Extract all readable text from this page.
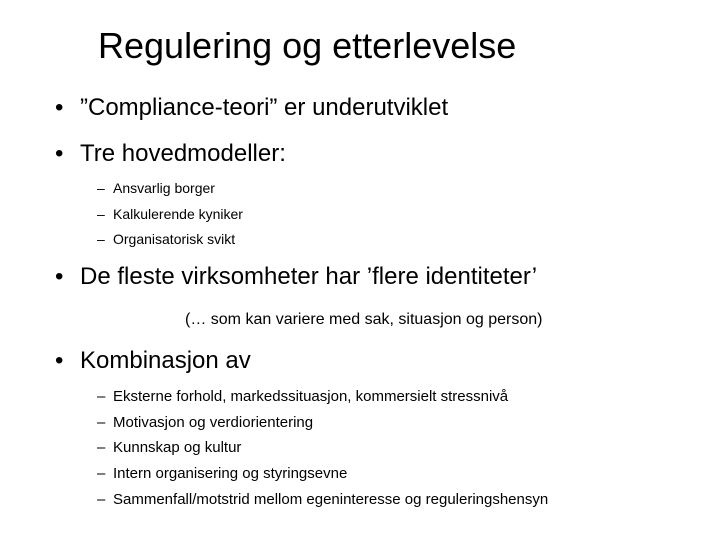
Regulering og etterlevelse
• ”Compliance-teori” er underutviklet
• Tre hovedmodeller:
– Ansvarlig borger
– Kalkulerende kyniker
– Organisatorisk svikt
• De fleste virksomheter har ’flere identiteter’
(… som kan variere med sak, situasjon og person)
• Kombinasjon av
– Eksterne forhold, markedssituasjon, kommersielt stressnivå
– Motivasjon og verdiorientering
– Kunnskap og kultur
– Intern organisering og styringsevne
– Sammenfall/motstrid mellom egeninteresse og reguleringshensyn
